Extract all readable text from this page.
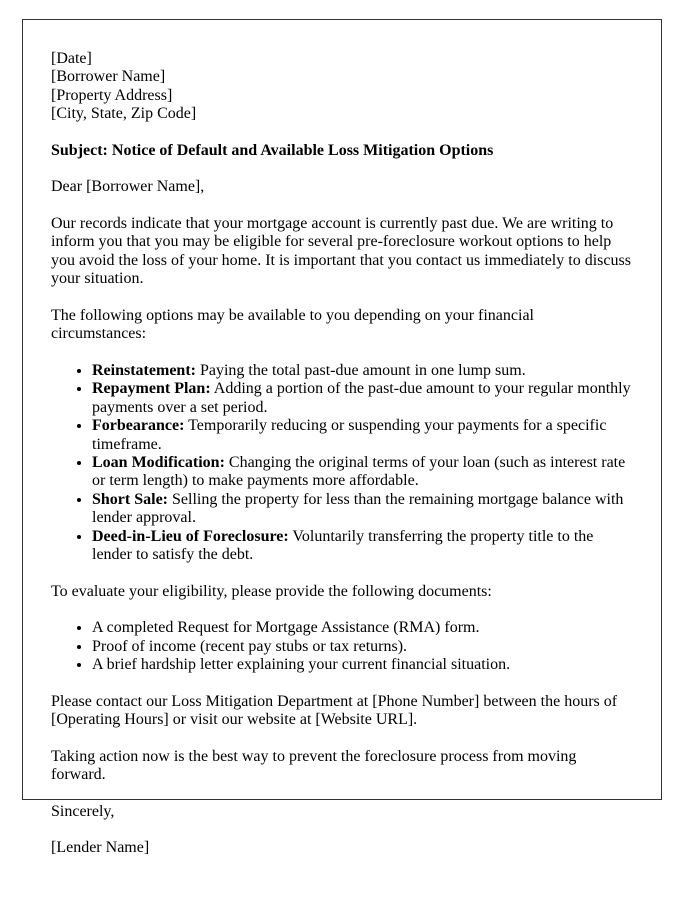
[Date]
[Borrower Name]
[Property Address]
[City, State, Zip Code]

Subject: Notice of Default and Available Loss Mitigation Options

Dear [Borrower Name],

Our records indicate that your mortgage account is currently past due. We are writing to inform you that you may be eligible for several pre-foreclosure workout options to help you avoid the loss of your home. It is important that you contact us immediately to discuss your situation.

The following options may be available to you depending on your financial circumstances:

• Reinstatement: Paying the total past-due amount in one lump sum.
• Repayment Plan: Adding a portion of the past-due amount to your regular monthly payments over a set period.
• Forbearance: Temporarily reducing or suspending your payments for a specific timeframe.
• Loan Modification: Changing the original terms of your loan (such as interest rate or term length) to make payments more affordable.
• Short Sale: Selling the property for less than the remaining mortgage balance with lender approval.
• Deed-in-Lieu of Foreclosure: Voluntarily transferring the property title to the lender to satisfy the debt.

To evaluate your eligibility, please provide the following documents:

• A completed Request for Mortgage Assistance (RMA) form.
• Proof of income (recent pay stubs or tax returns).
• A brief hardship letter explaining your current financial situation.

Please contact our Loss Mitigation Department at [Phone Number] between the hours of [Operating Hours] or visit our website at [Website URL].

Taking action now is the best way to prevent the foreclosure process from moving forward.

Sincerely,

[Lender Name]
